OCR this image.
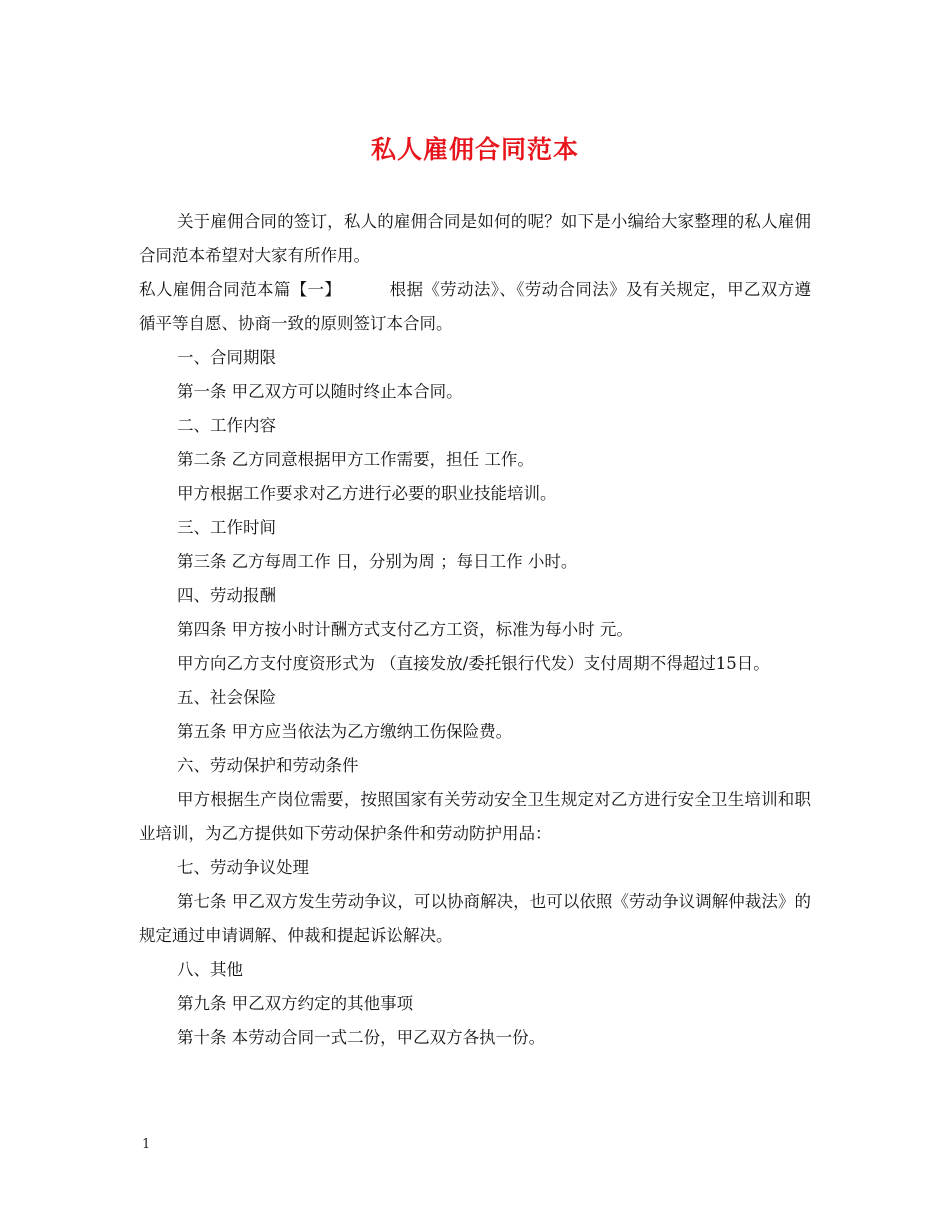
私人雇佣合同范本

关于雇佣合同的签订，私人的雇佣合同是如何的呢？如下是小编给大家整理的私人雇佣合同范本希望对大家有所作用。

私人雇佣合同范本篇【一】	根据《劳动法》、《劳动合同法》及有关规定，甲乙双方遵循平等自愿、协商一致的原则签订本合同。

一、合同期限

第一条 甲乙双方可以随时终止本合同。

二、工作内容

第二条 乙方同意根据甲方工作需要，担任 工作。

甲方根据工作要求对乙方进行必要的职业技能培训。

三、工作时间

第三条 乙方每周工作 日，分别为周 ；每日工作 小时。

四、劳动报酬

第四条 甲方按小时计酬方式支付乙方工资，标准为每小时 元。

甲方向乙方支付度资形式为 （直接发放/委托银行代发）支付周期不得超过15日。

五、社会保险

第五条 甲方应当依法为乙方缴纳工伤保险费。

六、劳动保护和劳动条件

甲方根据生产岗位需要，按照国家有关劳动安全卫生规定对乙方进行安全卫生培训和职业培训，为乙方提供如下劳动保护条件和劳动防护用品：

七、劳动争议处理

第七条 甲乙双方发生劳动争议，可以协商解决，也可以依照《劳动争议调解仲裁法》的规定通过申请调解、仲裁和提起诉讼解决。

八、其他

第九条 甲乙双方约定的其他事项

第十条 本劳动合同一式二份，甲乙双方各执一份。

1
